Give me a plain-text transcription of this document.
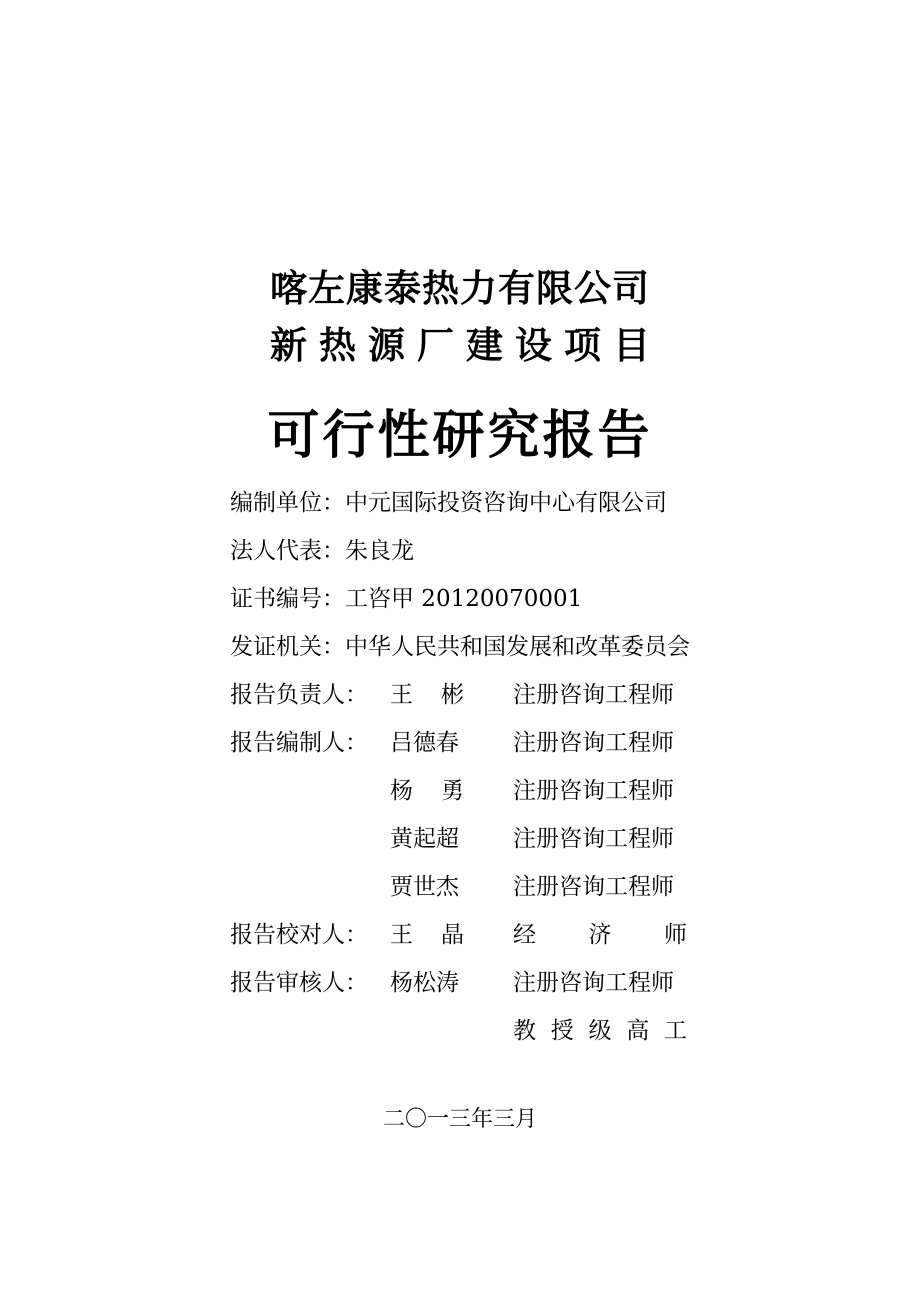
喀左康泰热力有限公司
新热源厂建设项目
可行性研究报告
编制单位：中元国际投资咨询中心有限公司
法人代表：朱良龙
证书编号：工咨甲 20120070001
发证机关：中华人民共和国发展和改革委员会
报告负责人： 王 彬 注册咨询工程师
报告编制人： 吕德春 注册咨询工程师
杨 勇 注册咨询工程师
黄起超 注册咨询工程师
贾世杰 注册咨询工程师
报告校对人： 王 晶 经 济 师
报告审核人： 杨松涛 注册咨询工程师
教 授 级 高 工
二〇一三年三月
